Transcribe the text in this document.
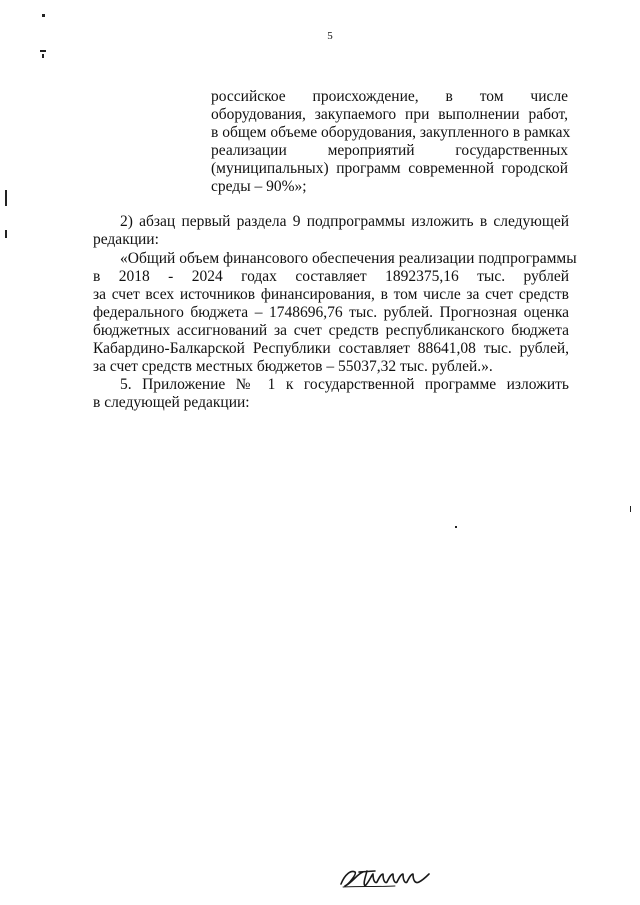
5
российское происхождение, в том числе
оборудования, закупаемого при выполнении работ,
в общем объеме оборудования, закупленного в рамках
реализации мероприятий государственных
(муниципальных) программ современной городской
среды – 90%»;
2) абзац первый раздела 9 подпрограммы изложить в следующей
редакции:
«Общий объем финансового обеспечения реализации подпрограммы
в 2018 - 2024 годах составляет 1892375,16 тыс. рублей
за счет всех источников финансирования, в том числе за счет средств
федерального бюджета – 1748696,76 тыс. рублей. Прогнозная оценка
бюджетных ассигнований за счет средств республиканского бюджета
Кабардино-Балкарской Республики составляет 88641,08 тыс. рублей,
за счет средств местных бюджетов – 55037,32 тыс. рублей.».
5. Приложение № 1 к государственной программе изложить
в следующей редакции:
